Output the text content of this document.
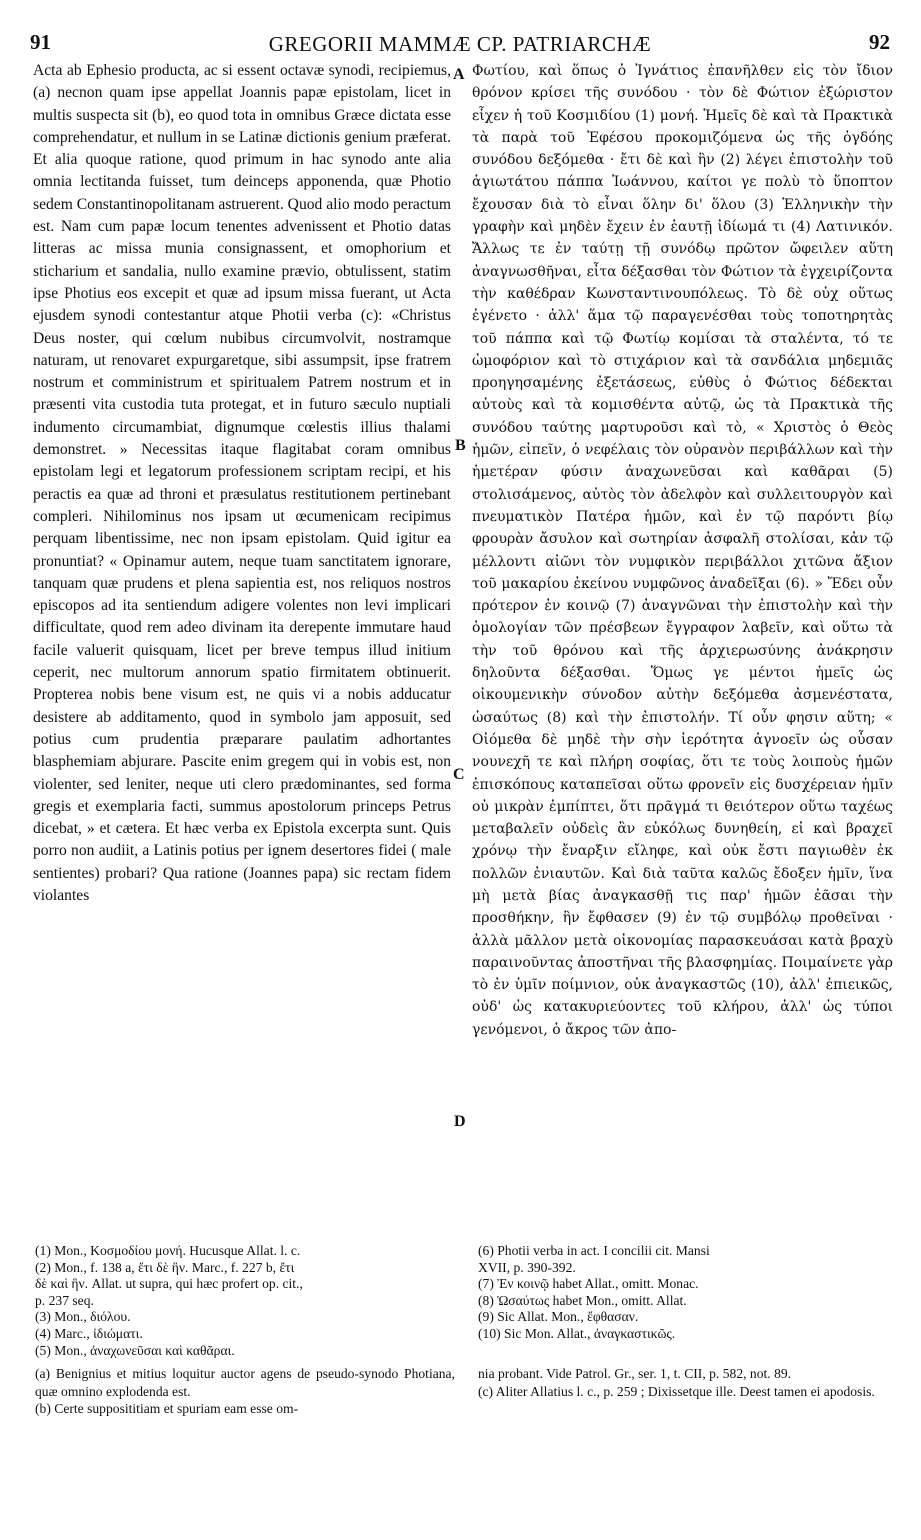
91	GREGORII MAMMÆ CP. PATRIARCHÆ	92

Acta ab Ephesio producta, ac si essent octavæ synodi, recipiemus, (a) necnon quam ipse appellat Joannis papæ epistolam, licet in multis suspecta sit (b), eo quod tota in omnibus Græce dictata esse comprehendatur, et nullum in se Latinæ dictionis genium præferat. Et alia quoque ratione, quod primum in hac synodo ante alia omnia lectitanda fuisset, tum deinceps apponenda, quæ Photio sedem Constantinopolitanam astruerent. Quod alio modo peractum est. Nam cum papæ locum tenentes advenissent et Photio datas litteras ac missa munia consignassent, et omophorium et sticharium et sandalia, nullo examine prævio, obtulissent, statim ipse Photius eos excepit et quæ ad ipsum missa fuerant, ut Acta ejusdem synodi contestantur atque Photii verba (c): «Christus Deus noster, qui cœlum nubibus circumvolvit, nostramque naturam, ut renovaret expurgaretque, sibi assumpsit, ipse fratrem nostrum et comministrum et spiritualem Patrem nostrum et in præsenti vita custodia tuta protegat, et in futuro sæculo nuptiali indumento circumambiat, dignumque cœlestis illius thalami demonstret. » Necessitas itaque flagitabat coram omnibus epistolam legi et legatorum professionem scriptam recipi, et his peractis ea quæ ad throni et præsulatus restitutionem pertinebant compleri. Nihilominus nos ipsam ut œcumenicam recipimus perquam libentissime, nec non ipsam epistolam. Quid igitur ea pronuntiat? « Opinamur autem, neque tuam sanctitatem ignorare, tanquam quæ prudens et plena sapientia est, nos reliquos nostros episcopos ad ita sentiendum adigere volentes non levi implicari difficultate, quod rem adeo divinam ita derepente immutare haud facile valuerit quisquam, licet per breve tempus illud initium ceperit, nec multorum annorum spatio firmitatem obtinuerit. Propterea nobis bene visum est, ne quis vi a nobis adducatur desistere ab additamento, quod in symbolo jam apposuit, sed potius cum prudentia præparare paulatim adhortantes blasphemiam abjurare. Pascite enim gregem qui in vobis est, non violenter, sed leniter, neque uti clero prædominantes, sed forma gregis et exemplaria facti, summus apostolorum princeps Petrus dicebat, » et cætera. Et hæc verba ex Epistola excerpta sunt. Quis porro non audiit, a Latinis potius per ignem desertores fidei ( male sentientes) probari? Qua ratione (Joannes papa) sic rectam fidem violantes

A
B
C
D

Φωτίου, καὶ ὅπως ὁ Ἰγνάτιος ἐπανῆλθεν εἰς τὸν ἴδιον θρόνον κρίσει τῆς συνόδου · τὸν δὲ Φώτιον ἐξώριστον εἶχεν ἡ τοῦ Κοσμιδίου (1) μονή. Ἡμεῖς δὲ καὶ τὰ Πρακτικὰ τὰ παρὰ τοῦ Ἐφέσου προκομιζόμενα ὡς τῆς ὀγδόης συνόδου δεξόμεθα · ἔτι δὲ καὶ ἣν (2) λέγει ἐπιστολὴν τοῦ ἁγιωτάτου πάππα Ἰωάννου, καίτοι γε πολὺ τὸ ὕποπτον ἔχουσαν διὰ τὸ εἶναι ὅλην δι' ὅλου (3) Ἑλληνικὴν τὴν γραφὴν καὶ μηδὲν ἔχειν ἐν ἑαυτῇ ἰδίωμά τι (4) Λατινικόν. Ἄλλως τε ἐν ταύτῃ τῇ συνόδῳ πρῶτον ὤφειλεν αὕτη ἀναγνωσθῆναι, εἶτα δέξασθαι τὸν Φώτιον τὰ ἐγχειρίζοντα τὴν καθέδραν Κωνσταντινουπόλεως. Τὸ δὲ οὐχ οὕτως ἐγένετο · ἀλλ' ἅμα τῷ παραγενέσθαι τοὺς τοποτηρητὰς τοῦ πάππα καὶ τῷ Φωτίῳ κομίσαι τὰ σταλέντα, τό τε ὠμοφόριον καὶ τὸ στιχάριον καὶ τὰ σανδάλια μηδεμιᾶς προηγησαμένης ἐξετάσεως, εὐθὺς ὁ Φώτιος δέδεκται αὐτοὺς καὶ τὰ κομισθέντα αὐτῷ, ὡς τὰ Πρακτικὰ τῆς συνόδου ταύτης μαρτυροῦσι καὶ τὸ, « Χριστὸς ὁ Θεὸς ἡμῶν, εἰπεῖν, ὁ νεφέλαις τὸν οὐρανὸν περιβάλλων καὶ τὴν ἡμετέραν φύσιν ἀναχωνεῦσαι καὶ καθᾶραι (5) στολισάμενος, αὐτὸς τὸν ἀδελφὸν καὶ συλλειτουργὸν καὶ πνευματικὸν Πατέρα ἡμῶν, καὶ ἐν τῷ παρόντι βίῳ φρουρὰν ἄσυλον καὶ σωτηρίαν ἀσφαλῆ στολίσαι, κἀν τῷ μέλλοντι αἰῶνι τὸν νυμφικὸν περιβάλλοι χιτῶνα ἄξιον τοῦ μακαρίου ἐκείνου νυμφῶνος ἀναδεῖξαι (6). » Ἔδει οὖν πρότερον ἐν κοινῷ (7) ἀναγνῶναι τὴν ἐπιστολὴν καὶ τὴν ὁμολογίαν τῶν πρέσβεων ἔγγραφον λαβεῖν, καὶ οὕτω τὰ τὴν τοῦ θρόνου καὶ τῆς ἀρχιερωσύνης ἀνάκρησιν δηλοῦντα δέξασθαι. Ὅμως γε μέντοι ἡμεῖς ὡς οἰκουμενικὴν σύνοδον αὐτὴν δεξόμεθα ἀσμενέστατα, ὡσαύτως (8) καὶ τὴν ἐπιστολήν. Τί οὖν φησιν αὕτη; « Οἰόμεθα δὲ μηδὲ τὴν σὴν ἱερότητα ἀγνοεῖν ὡς οὖσαν νουνεχῆ τε καὶ πλήρη σοφίας, ὅτι τε τοὺς λοιποὺς ἡμῶν ἐπισκόπους καταπεῖσαι οὕτω φρονεῖν εἰς δυσχέρειαν ἡμῖν οὐ μικρὰν ἐμπίπτει, ὅτι πρᾶγμά τι θειότερον οὕτω ταχέως μεταβαλεῖν οὐδεὶς ἂν εὐκόλως δυνηθείη, εἰ καὶ βραχεῖ χρόνῳ τὴν ἔναρξιν εἴληφε, καὶ οὐκ ἔστι παγιωθὲν ἐκ πολλῶν ἐνιαυτῶν. Καὶ διὰ ταῦτα καλῶς ἔδοξεν ἡμῖν, ἵνα μὴ μετὰ βίας ἀναγκασθῇ τις παρ' ἡμῶν ἐᾶσαι τὴν προσθήκην, ἣν ἔφθασεν (9) ἐν τῷ συμβόλῳ προθεῖναι · ἀλλὰ μᾶλλον μετὰ οἰκονομίας παρασκευάσαι κατὰ βραχὺ παραινοῦντας ἀποστῆναι τῆς βλασφημίας. Ποιμαίνετε γὰρ τὸ ἐν ὑμῖν ποίμνιον, οὐκ ἀναγκαστῶς (10), ἀλλ' ἐπιεικῶς, οὐδ' ὡς κατακυριεύοντες τοῦ κλήρου, ἀλλ' ὡς τύποι γενόμενοι, ὁ ἄκρος τῶν ἀπο-

(1) Mon., Κοσμοδίου μονή. Hucusque Allat. l. c.
(2) Mon., f. 138 a, ἔτι δὲ ἣν. Marc., f. 227 b, ἔτι
δὲ καὶ ἣν. Allat. ut supra, qui hæc profert op. cit.,
p. 237 seq.
(3) Mon., διόλου.
(4) Marc., ἰδιώματι.
(5) Mon., ἀναχωνεῦσαι καὶ καθᾶραι.
(6) Photii verba in act. I concilii cit. Mansi
XVII, p. 390-392.
(7) Ἐν κοινῷ habet Allat., omitt. Monac.
(8) Ὡσαύτως habet Mon., omitt. Allat.
(9) Sic Allat. Mon., ἔφθασαν.
(10) Sic Mon. Allat., ἀναγκαστικῶς.
(a) Benignius et mitius loquitur auctor agens de pseudo-synodo Photiana, quæ omnino explodenda est.
(b) Certe supposititiam et spuriam eam esse om-
nia probant. Vide Patrol. Gr., ser. 1, t. CII, p. 582, not. 89.
(c) Aliter Allatius l. c., p. 259 ; Dixissetque ille. Deest tamen ei apodosis.
